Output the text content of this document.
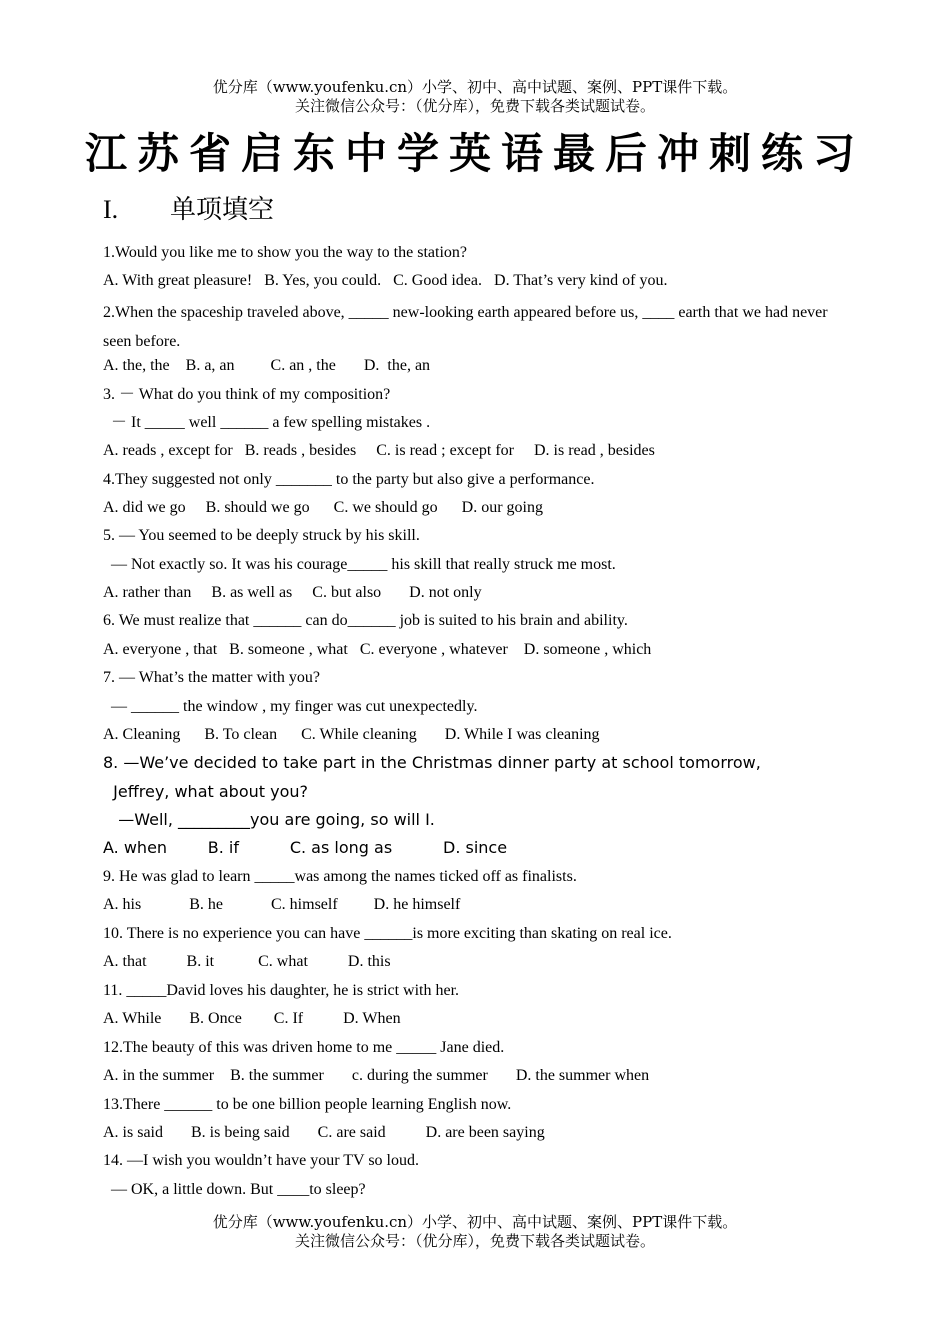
优分库（www.youfenku.cn）小学、初中、高中试题、案例、PPT课件下载。
关注微信公众号：（优分库），免费下载各类试题试卷。
江苏省启东中学英语最后冲刺练习
I. 单项填空
1.Would you like me to show you the way to the station?
A. With great pleasure!   B. Yes, you could.   C. Good idea.   D. That’s very kind of you.
2.When the spaceship traveled above, _____ new-looking earth appeared before us, ____ earth that we had never seen before.
A. the, the    B. a, an         C. an , the       D.  the, an
3. － What do you think of my composition?
－ It _____ well ______ a few spelling mistakes .
A. reads , except for   B. reads , besides     C. is read ; except for     D. is read , besides
4.They suggested not only _______ to the party but also give a performance.
A. did we go     B. should we go      C. we should go      D. our going
5. — You seemed to be deeply struck by his skill.
— Not exactly so. It was his courage_____ his skill that really struck me most.
A. rather than     B. as well as     C. but also       D. not only
6. We must realize that ______ can do______ job is suited to his brain and ability.
A. everyone , that   B. someone , what   C. everyone , whatever    D. someone , which
7. — What’s the matter with you?
— ______ the window , my finger was cut unexpectedly.
A. Cleaning      B. To clean      C. While cleaning       D. While I was cleaning
8. —We’ve decided to take part in the Christmas dinner party at school tomorrow,
Jeffrey, what about you?
—Well, _________you are going, so will I.
A. when        B. if          C. as long as          D. since
9. He was glad to learn _____was among the names ticked off as finalists.
A. his            B. he            C. himself         D. he himself
10. There is no experience you can have ______is more exciting than skating on real ice.
A. that          B. it           C. what          D. this
11. _____David loves his daughter, he is strict with her.
A. While       B. Once        C. If          D. When
12.The beauty of this was driven home to me _____ Jane died.
A. in the summer    B. the summer       c. during the summer       D. the summer when
13.There ______ to be one billion people learning English now.
A. is said       B. is being said       C. are said          D. are been saying
14. —I wish you wouldn’t have your TV so loud.
— OK, a little down. But ____to sleep?
优分库（www.youfenku.cn）小学、初中、高中试题、案例、PPT课件下载。
关注微信公众号：（优分库），免费下载各类试题试卷。
